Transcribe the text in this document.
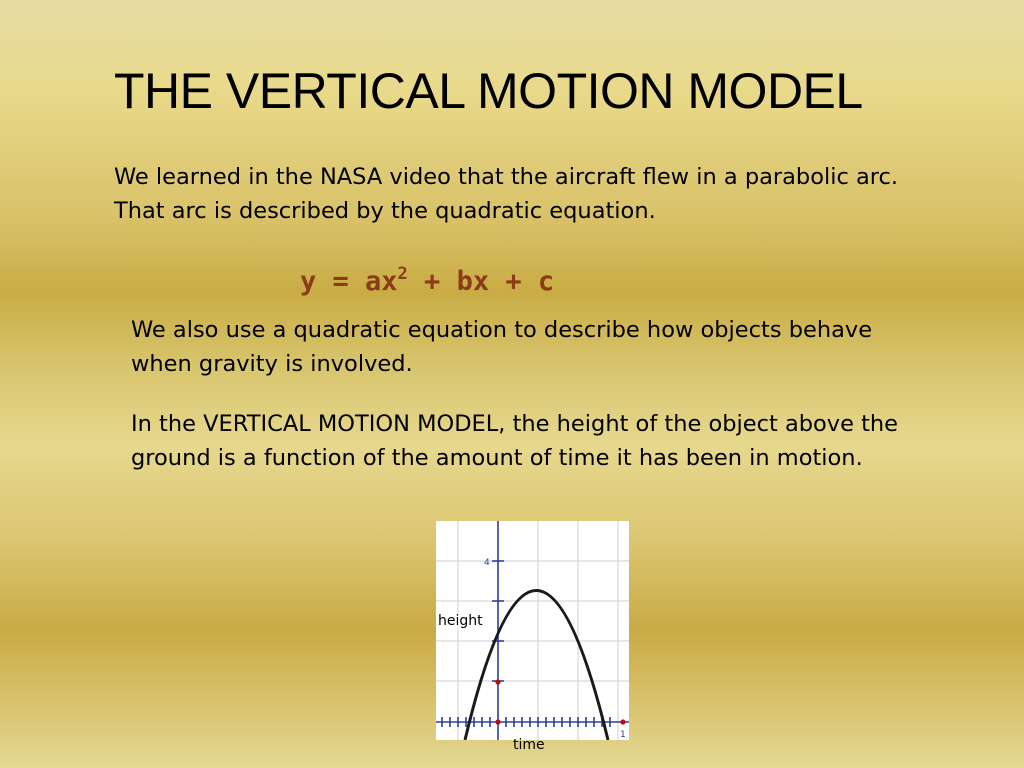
THE VERTICAL MOTION MODEL

We learned in the NASA video that the aircraft flew in a parabolic arc. That arc is described by the quadratic equation.

$y = ax^2$ + bx + c

We also use a quadratic equation to describe how objects behave when gravity is involved.

In the VERTICAL MOTION MODEL, the height of the object above the ground is a function of the amount of time it has been in motion.

4
1
height
time
